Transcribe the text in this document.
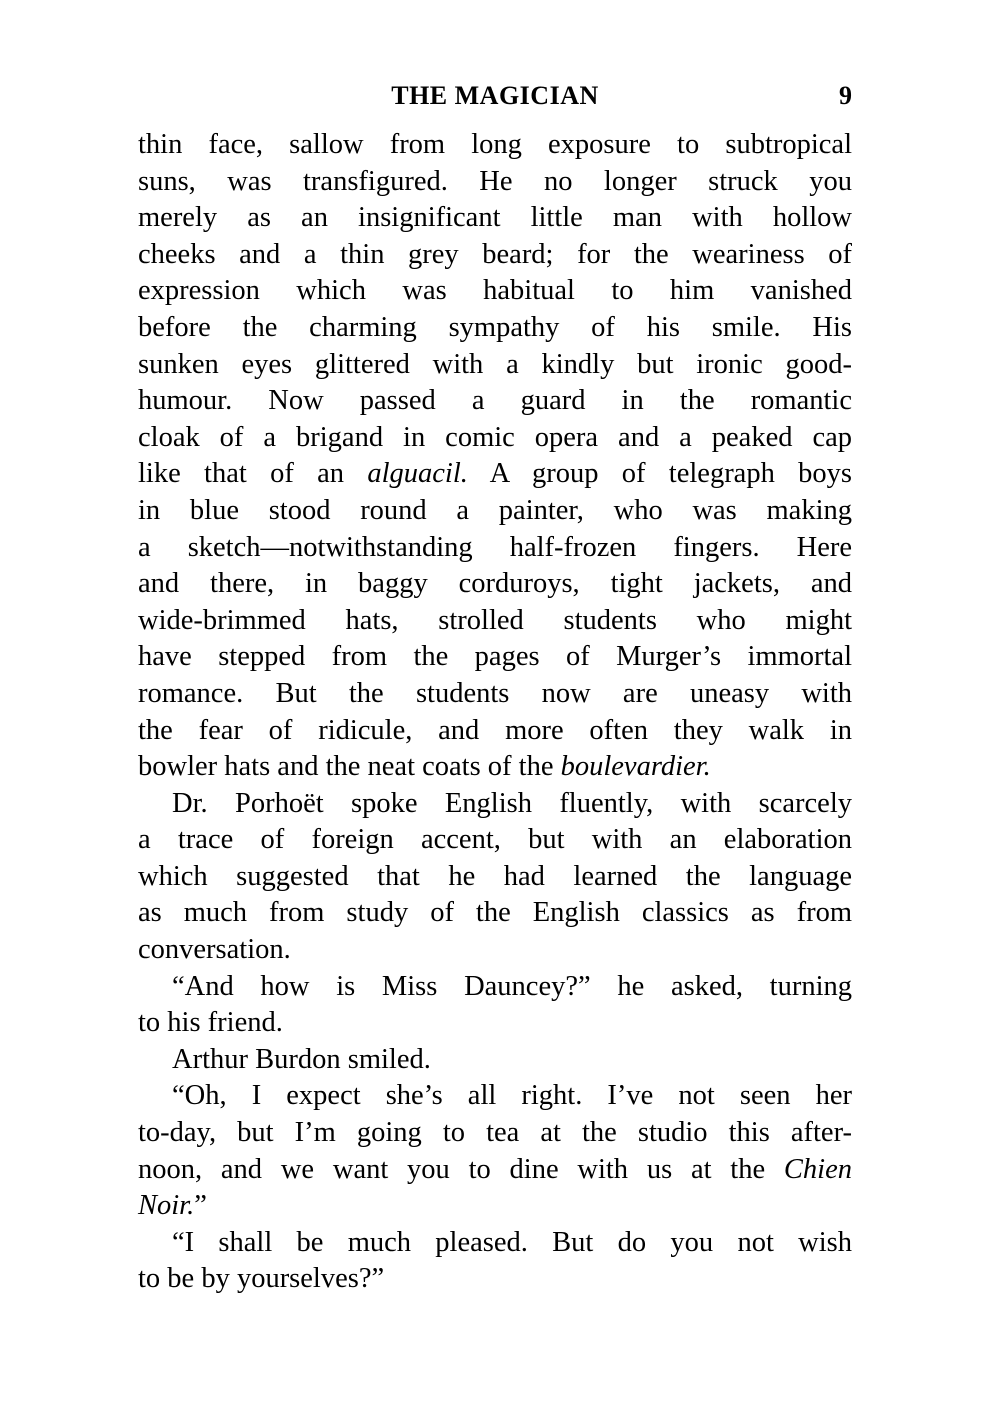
THE MAGICIAN	9
thin face, sallow from long exposure to subtropical
suns, was transfigured. He no longer struck you
merely as an insignificant little man with hollow
cheeks and a thin grey beard; for the weariness of
expression which was habitual to him vanished
before the charming sympathy of his smile. His
sunken eyes glittered with a kindly but ironic good-
humour. Now passed a guard in the romantic
cloak of a brigand in comic opera and a peaked cap
like that of an alguacil. A group of telegraph boys
in blue stood round a painter, who was making
a sketch—notwithstanding half-frozen fingers. Here
and there, in baggy corduroys, tight jackets, and
wide-brimmed hats, strolled students who might
have stepped from the pages of Murger’s immortal
romance. But the students now are uneasy with
the fear of ridicule, and more often they walk in
bowler hats and the neat coats of the boulevardier.
Dr. Porhoët spoke English fluently, with scarcely
a trace of foreign accent, but with an elaboration
which suggested that he had learned the language
as much from study of the English classics as from
conversation.
“And how is Miss Dauncey?” he asked, turning
to his friend.
Arthur Burdon smiled.
“Oh, I expect she’s all right. I’ve not seen her
to-day, but I’m going to tea at the studio this after-
noon, and we want you to dine with us at the Chien
Noir.”
“I shall be much pleased. But do you not wish
to be by yourselves?”
